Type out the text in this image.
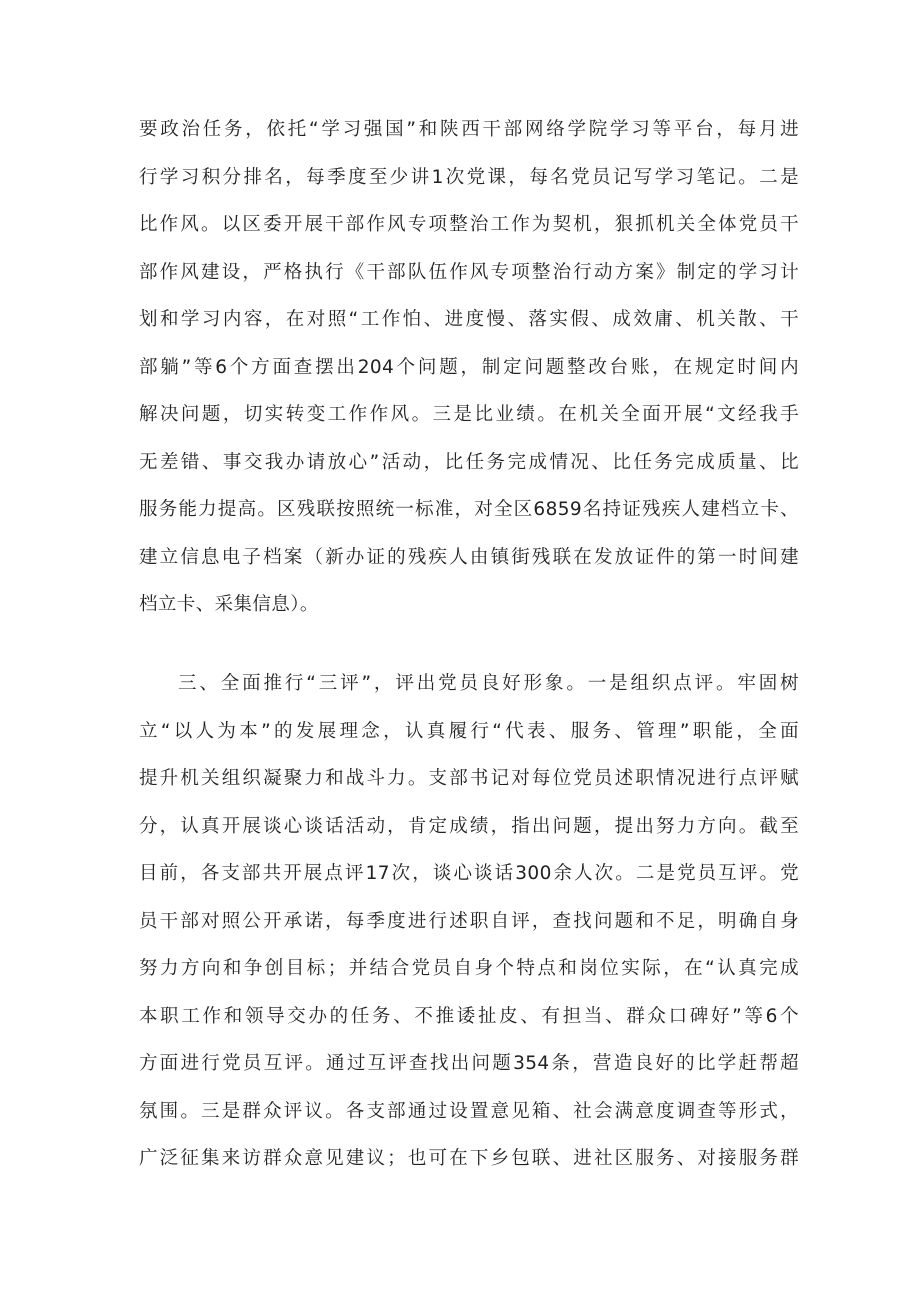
要政治任务，依托“学习强国”和陕西干部网络学院学习等平台，每月进
行学习积分排名，每季度至少讲1次党课，每名党员记写学习笔记。二是
比作风。以区委开展干部作风专项整治工作为契机，狠抓机关全体党员干
部作风建设，严格执行《干部队伍作风专项整治行动方案》制定的学习计
划和学习内容，在对照“工作怕、进度慢、落实假、成效庸、机关散、干
部躺”等6个方面查摆出204个问题，制定问题整改台账，在规定时间内
解决问题，切实转变工作作风。三是比业绩。在机关全面开展“文经我手
无差错、事交我办请放心”活动，比任务完成情况、比任务完成质量、比
服务能力提高。区残联按照统一标准，对全区6859名持证残疾人建档立卡、
建立信息电子档案（新办证的残疾人由镇街残联在发放证件的第一时间建
档立卡、采集信息）。
三、全面推行“三评”，评出党员良好形象。一是组织点评。牢固树
立“以人为本”的发展理念，认真履行“代表、服务、管理”职能，全面
提升机关组织凝聚力和战斗力。支部书记对每位党员述职情况进行点评赋
分，认真开展谈心谈话活动，肯定成绩，指出问题，提出努力方向。截至
目前，各支部共开展点评17次，谈心谈话300余人次。二是党员互评。党
员干部对照公开承诺，每季度进行述职自评，查找问题和不足，明确自身
努力方向和争创目标；并结合党员自身个特点和岗位实际，在“认真完成
本职工作和领导交办的任务、不推诿扯皮、有担当、群众口碑好”等6个
方面进行党员互评。通过互评查找出问题354条，营造良好的比学赶帮超
氛围。三是群众评议。各支部通过设置意见箱、社会满意度调查等形式，
广泛征集来访群众意见建议；也可在下乡包联、进社区服务、对接服务群
